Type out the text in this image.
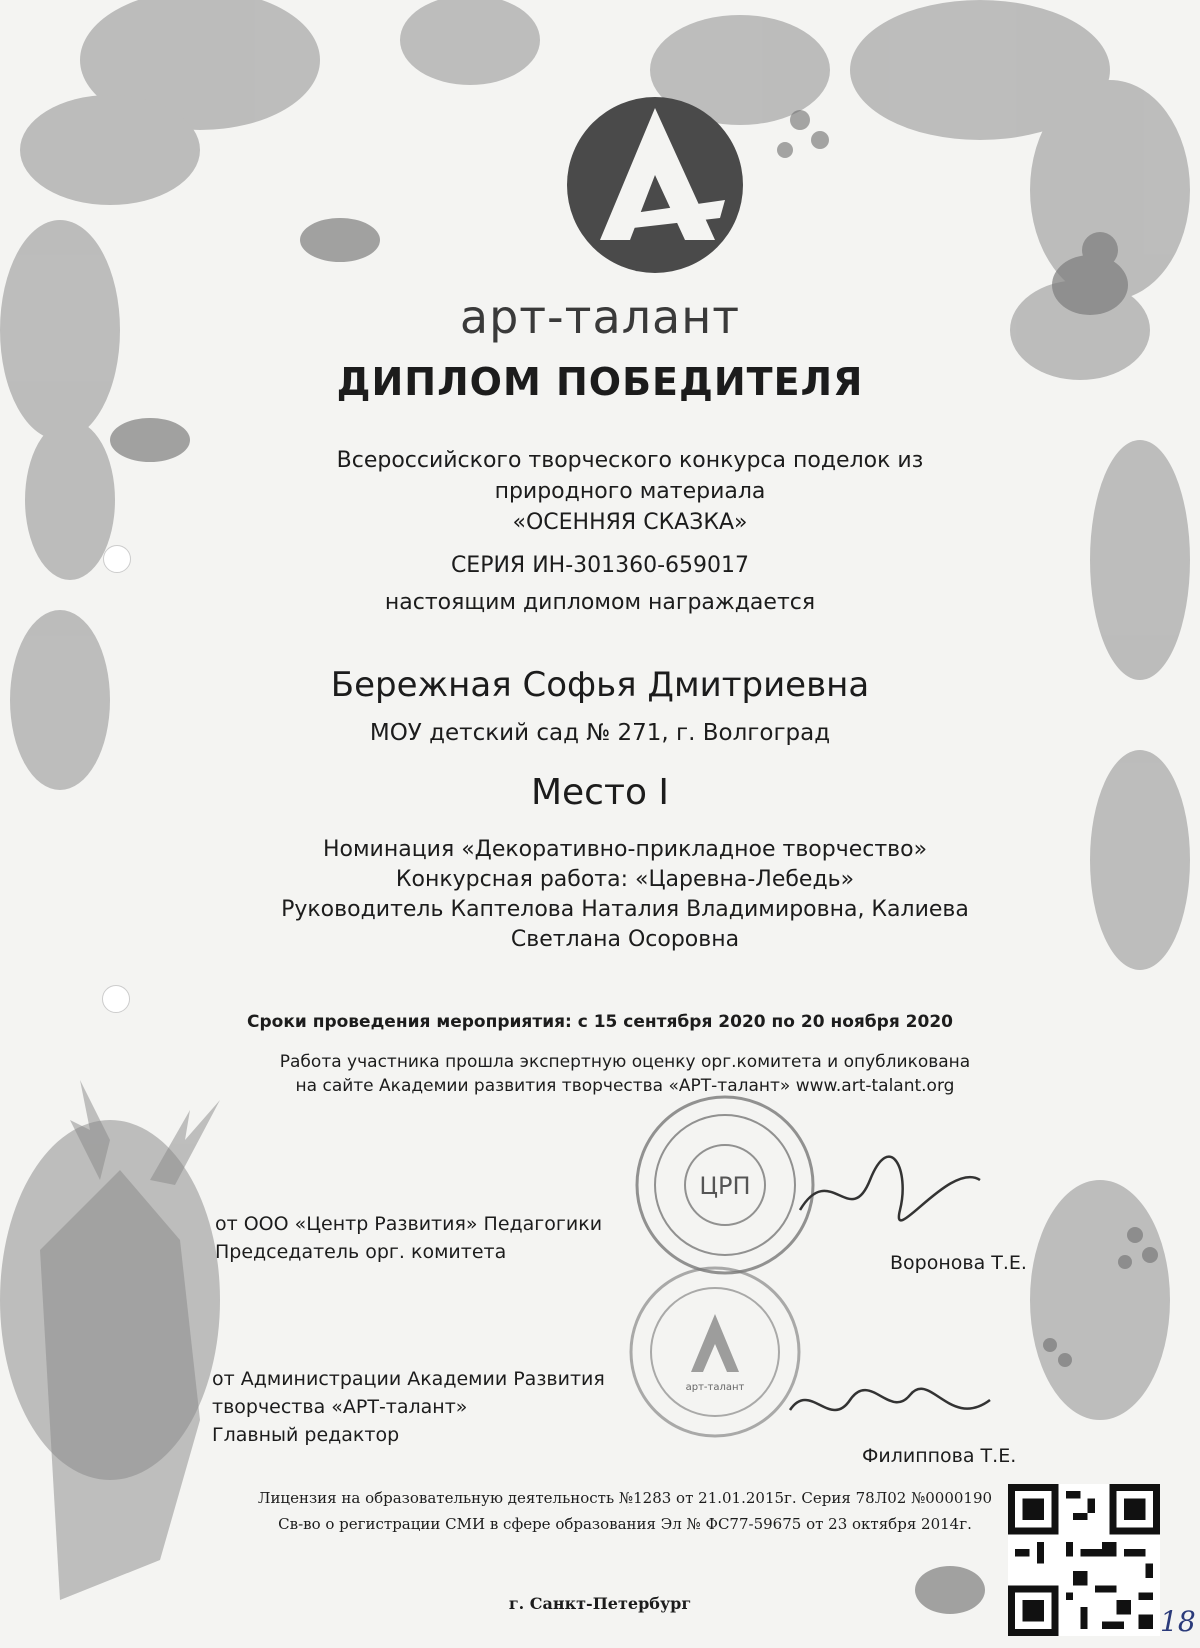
арт-талант
ДИПЛОМ ПОБЕДИТЕЛЯ
Всероссийского творческого конкурса поделок из
природного материала
«ОСЕННЯЯ СКАЗКА»
СЕРИЯ ИН-301360-659017
настоящим дипломом награждается
Бережная Софья Дмитриевна
МОУ детский сад № 271, г. Волгоград
Место I
Номинация «Декоративно-прикладное творчество»
Конкурсная работа: «Царевна-Лебедь»
Руководитель Каптелова Наталия Владимировна, Калиева
Светлана Осоровна
Сроки проведения мероприятия: с 15 сентября 2020 по 20 ноября 2020
Работа участника прошла экспертную оценку орг.комитета и опубликована
на сайте Академии развития творчества «АРТ-талант» www.art-talant.org
ЦРП
арт-талант
от ООО «Центр Развития» Педагогики
Председатель орг. комитета	Воронова Т.Е.
от Администрации Академии Развития
творчества «АРТ-талант»
Главный редактор
Филиппова Т.Е.
Лицензия на образовательную деятельность №1283 от 21.01.2015г. Серия 78Л02 №0000190
Св-во о регистрации СМИ в сфере образования Эл № ФС77-59675 от 23 октября 2014г.
г. Санкт-Петербург
18
